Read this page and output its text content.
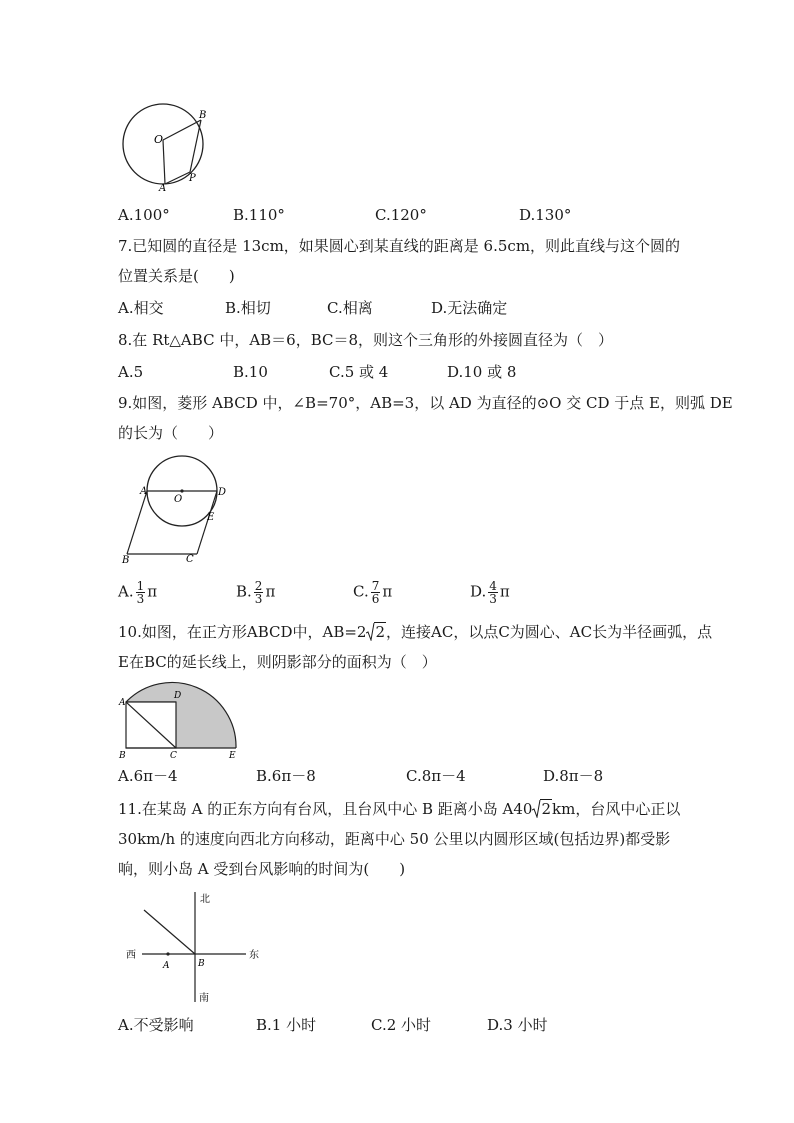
O
B
A
P
A.100°	B.110°	C.120°	D.130°
7.已知圆的直径是 13cm，如果圆心到某直线的距离是 6.5cm，则此直线与这个圆的
位置关系是(　　)
A.相交	B.相切	C.相离	D.无法确定
8.在 Rt△ABC 中，AB＝6，BC＝8，则这个三角形的外接圆直径为（　）
A.5	B.10	C.5 或 4	D.10 或 8
9.如图，菱形 ABCD 中，∠B=70°，AB=3，以 AD 为直径的⊙O 交 CD 于点 E，则弧 DE
的长为（　　）
A
O
D
E
B	C
A. $\frac{1}{3}$ π	B. $\frac{2}{3}$ π	C. $\frac{7}{6}$ π	D. $\frac{4}{3}$ π
10.如图，在正方形ABCD中，AB=2 2，连接AC，以点C为圆心、AC长为半径画弧，点
E在BC的延长线上，则阴影部分的面积为（　）
A
D
B	C	E
A.6π－4	B.6π－8	C.8π－4	D.8π－8
11.在某岛 A 的正东方向有台风，且台风中心 B 距离小岛 A40 2km，台风中心正以
30km/h 的速度向西北方向移动，距离中心 50 公里以内圆形区域(包括边界)都受影
响，则小岛 A 受到台风影响的时间为(　　)
北
南
西	东
A	B
A.不受影响	B.1 小时	C.2 小时	D.3 小时
